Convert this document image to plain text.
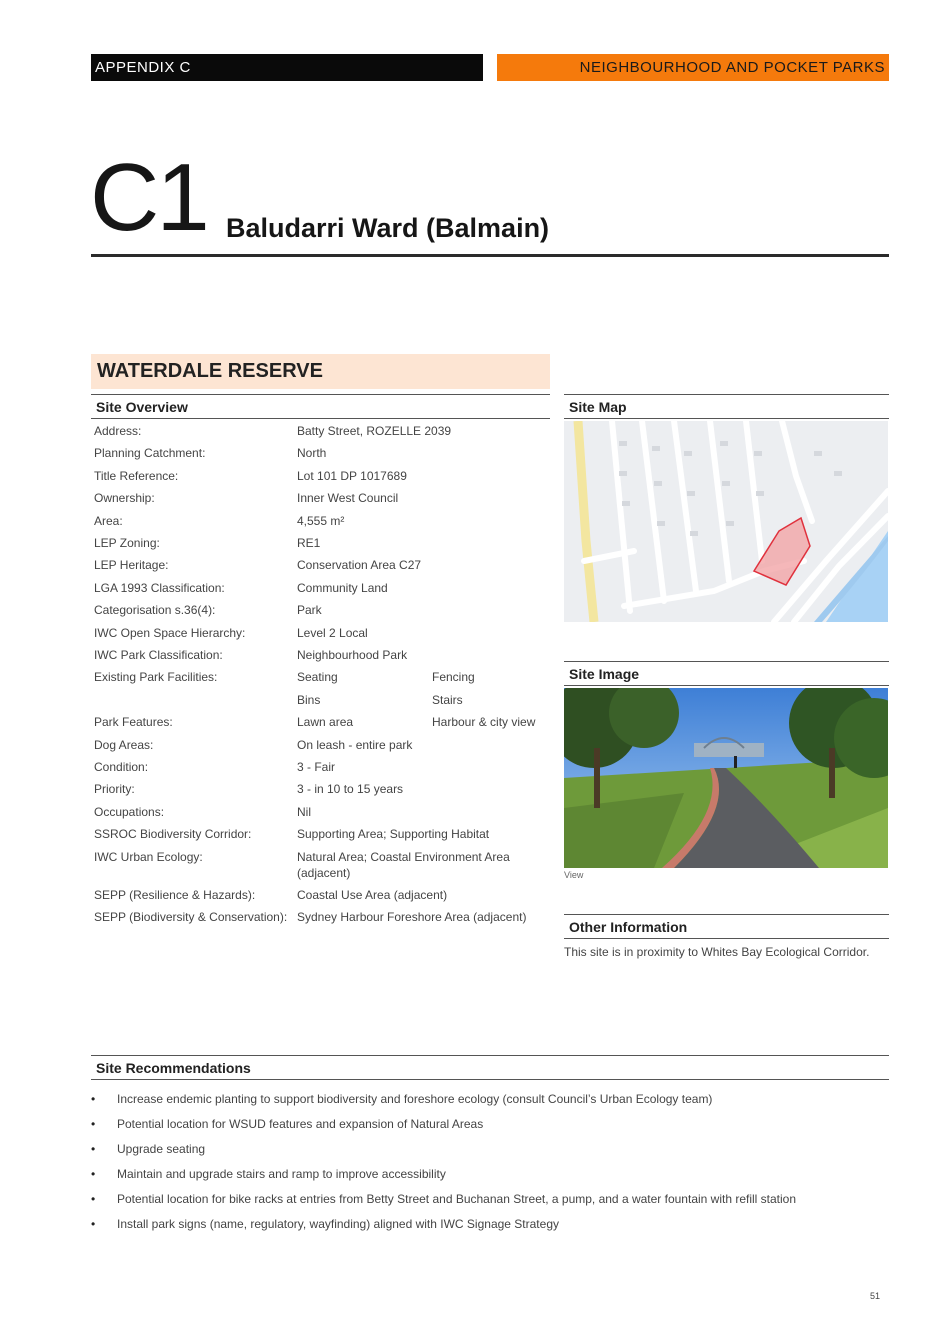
APPENDIX C	NEIGHBOURHOOD AND POCKET PARKS
C1 Baludarri Ward (Balmain)
WATERDALE RESERVE
Site Overview
Address:	Batty Street, ROZELLE 2039
Planning Catchment:	North
Title Reference:	Lot 101 DP 1017689
Ownership:	Inner West Council
Area:	4,555 m²
LEP Zoning:	RE1
LEP Heritage:	Conservation Area C27
LGA 1993 Classification:	Community Land
Categorisation s.36(4):	Park
IWC Open Space Hierarchy:	Level 2 Local
IWC Park Classification:	Neighbourhood Park
Existing Park Facilities:	Seating	Fencing
Bins	Stairs
Park Features:	Lawn area	Harbour & city view
Dog Areas:	On leash - entire park
Condition:	3 - Fair
Priority:	3 - in 10 to 15 years
Occupations:	Nil
SSROC Biodiversity Corridor:	Supporting Area; Supporting Habitat
IWC Urban Ecology:	Natural Area; Coastal Environment Area
(adjacent)
SEPP (Resilience & Hazards):	Coastal Use Area (adjacent)
SEPP (Biodiversity & Conservation): Sydney Harbour Foreshore Area (adjacent)
Site Map
Site Image
View
Other Information
This site is in proximity to Whites Bay Ecological Corridor.
Site Recommendations
• Increase endemic planting to support biodiversity and foreshore ecology (consult Council’s Urban Ecology team)
• Potential location for WSUD features and expansion of Natural Areas
• Upgrade seating
• Maintain and upgrade stairs and ramp to improve accessibility
• Potential location for bike racks at entries from Betty Street and Buchanan Street, a pump, and a water fountain with refill station
• Install park signs (name, regulatory, wayfinding) aligned with IWC Signage Strategy
51
